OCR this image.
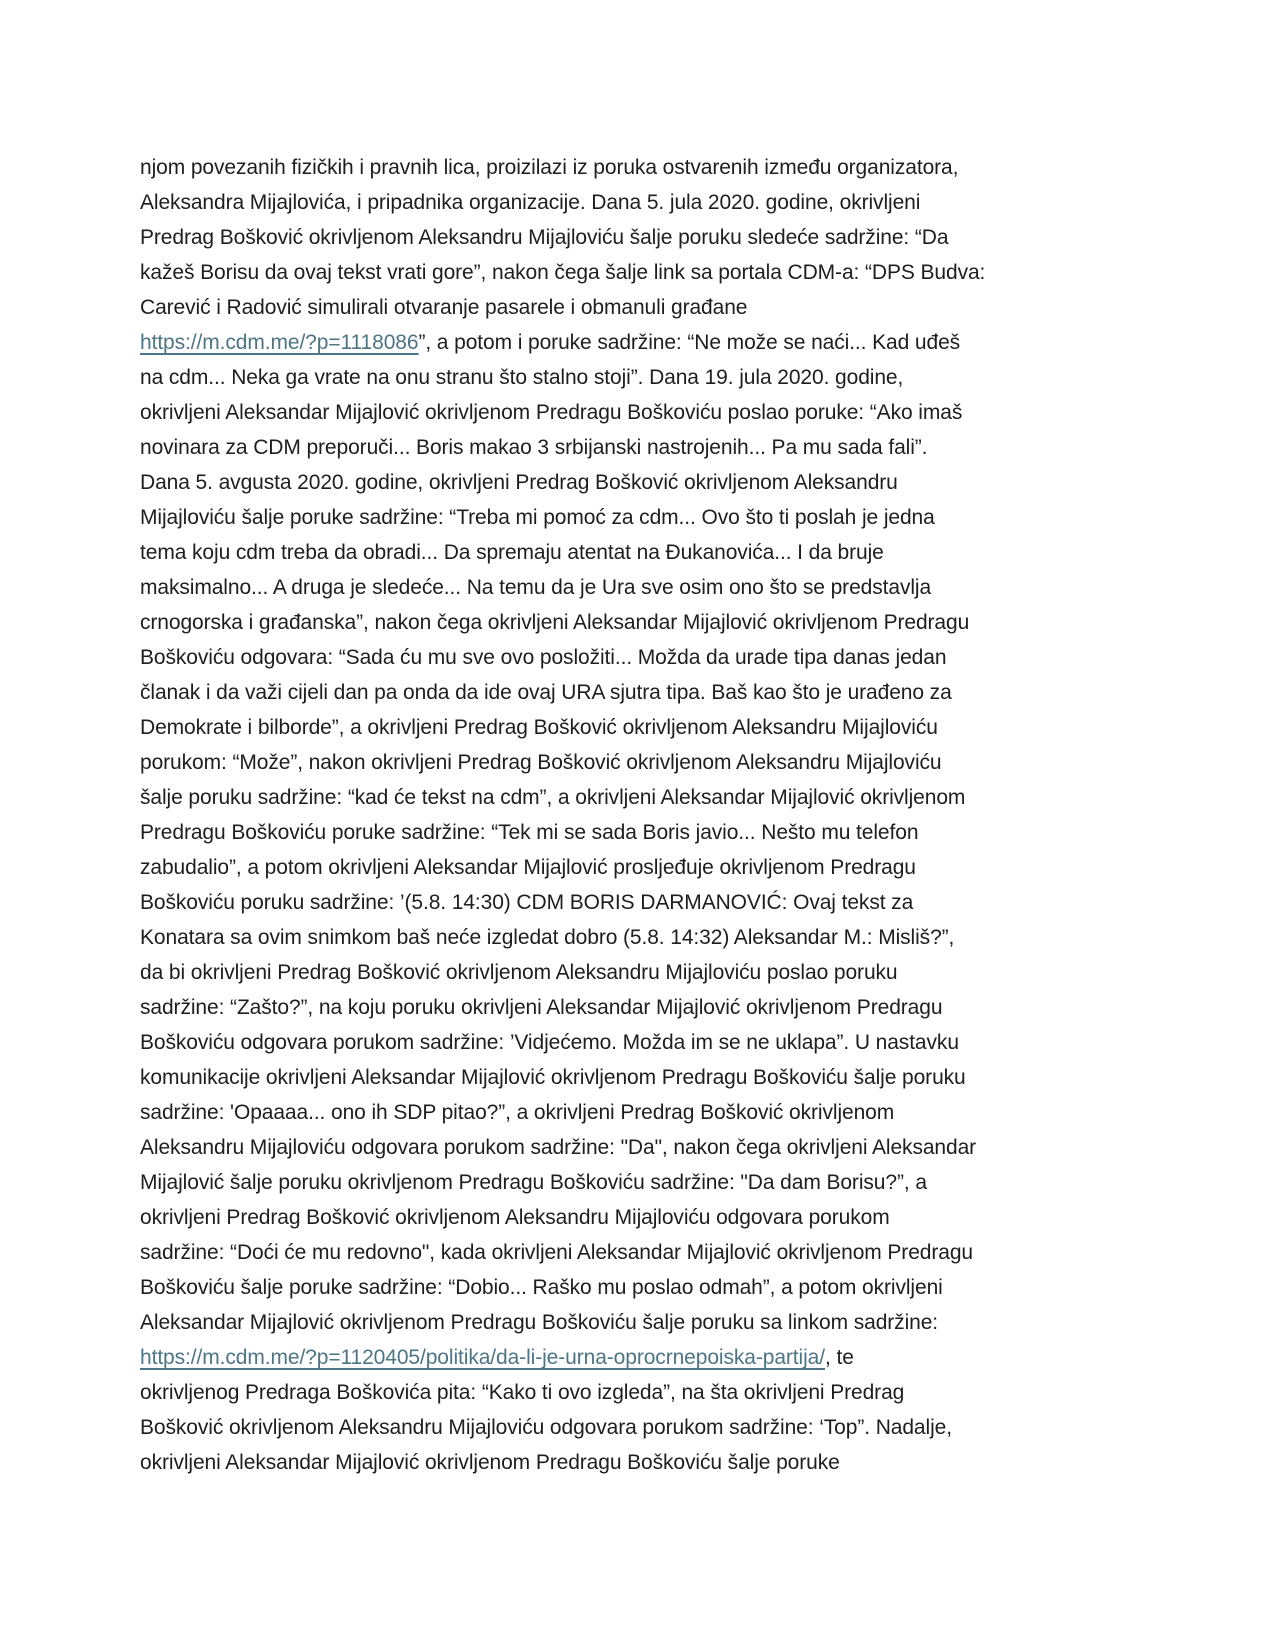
njom povezanih fizičkih i pravnih lica, proizilazi iz poruka ostvarenih između organizatora,
Aleksandra Mijajlovića, i pripadnika organizacije. Dana 5. jula 2020. godine, okrivljeni
Predrag Bošković okrivljenom Aleksandru Mijajloviću šalje poruku sledeće sadržine: “Da
kažeš Borisu da ovaj tekst vrati gore”, nakon čega šalje link sa portala CDM-a: “DPS Budva:
Carević i Radović simulirali otvaranje pasarele i obmanuli građane
https://m.cdm.me/?p=1118086”, a potom i poruke sadržine: “Ne može se naći... Kad uđeš
na cdm... Neka ga vrate na onu stranu što stalno stoji”. Dana 19. jula 2020. godine,
okrivljeni Aleksandar Mijajlović okrivljenom Predragu Boškoviću poslao poruke: “Ako imaš
novinara za CDM preporuči... Boris makao 3 srbijanski nastrojenih... Pa mu sada fali”.
Dana 5. avgusta 2020. godine, okrivljeni Predrag Bošković okrivljenom Aleksandru
Mijajloviću šalje poruke sadržine: “Treba mi pomoć za cdm... Ovo što ti poslah je jedna
tema koju cdm treba da obradi... Da spremaju atentat na Đukanovića... I da bruje
maksimalno... A druga je sledeće... Na temu da je Ura sve osim ono što se predstavlja
crnogorska i građanska”, nakon čega okrivljeni Aleksandar Mijajlović okrivljenom Predragu
Boškoviću odgovara: “Sada ću mu sve ovo posložiti... Možda da urade tipa danas jedan
članak i da važi cijeli dan pa onda da ide ovaj URA sjutra tipa. Baš kao što je urađeno za
Demokrate i bilborde”, a okrivljeni Predrag Bošković okrivljenom Aleksandru Mijajloviću
porukom: “Može”, nakon okrivljeni Predrag Bošković okrivljenom Aleksandru Mijajloviću
šalje poruku sadržine: “kad će tekst na cdm”, a okrivljeni Aleksandar Mijajlović okrivljenom
Predragu Boškoviću poruke sadržine: “Tek mi se sada Boris javio... Nešto mu telefon
zabudalio”, a potom okrivljeni Aleksandar Mijajlović prosljeđuje okrivljenom Predragu
Boškoviću poruku sadržine: ’(5.8. 14:30) CDM BORIS DARMANOVIĆ: Ovaj tekst za
Konatara sa ovim snimkom baš neće izgledat dobro (5.8. 14:32) Aleksandar M.: Misliš?”,
da bi okrivljeni Predrag Bošković okrivljenom Aleksandru Mijajloviću poslao poruku
sadržine: “Zašto?”, na koju poruku okrivljeni Aleksandar Mijajlović okrivljenom Predragu
Boškoviću odgovara porukom sadržine: ’Vidjećemo. Možda im se ne uklapa”. U nastavku
komunikacije okrivljeni Aleksandar Mijajlović okrivljenom Predragu Boškoviću šalje poruku
sadržine: 'Opaaaa... ono ih SDP pitao?”, a okrivljeni Predrag Bošković okrivljenom
Aleksandru Mijajloviću odgovara porukom sadržine: "Da", nakon čega okrivljeni Aleksandar
Mijajlović šalje poruku okrivljenom Predragu Boškoviću sadržine: "Da dam Borisu?”, a
okrivljeni Predrag Bošković okrivljenom Aleksandru Mijajloviću odgovara porukom
sadržine: “Doći će mu redovno", kada okrivljeni Aleksandar Mijajlović okrivljenom Predragu
Boškoviću šalje poruke sadržine: “Dobio... Raško mu poslao odmah”, a potom okrivljeni
Aleksandar Mijajlović okrivljenom Predragu Boškoviću šalje poruku sa linkom sadržine:
https://m.cdm.me/?p=1120405/politika/da-li-je-urna-oprocrnepoiska-partija/, te
okrivljenog Predraga Boškovića pita: “Kako ti ovo izgleda”, na šta okrivljeni Predrag
Bošković okrivljenom Aleksandru Mijajloviću odgovara porukom sadržine: ‘Top”. Nadalje,
okrivljeni Aleksandar Mijajlović okrivljenom Predragu Boškoviću šalje poruke
